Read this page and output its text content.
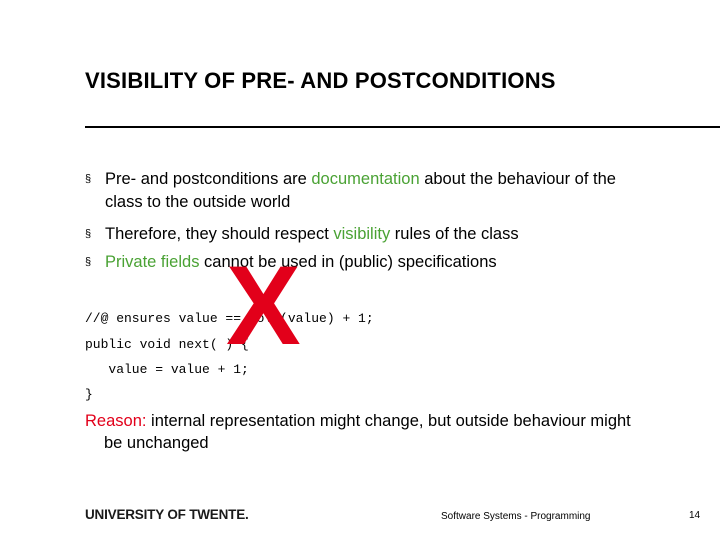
VISIBILITY OF PRE- AND POSTCONDITIONS
§ Pre- and postconditions are documentation about the behaviour of the
class to the outside world
§ Therefore, they should respect visibility rules of the class
§ Private fields cannot be used in (public) specifications
//@ ensures value == \old(value) + 1;
public void next( ) {
value = value + 1;
}
X
Reason: internal representation might change, but outside behaviour might
be unchanged
UNIVERSITY OF TWENTE.	Software Systems - Programming	14
